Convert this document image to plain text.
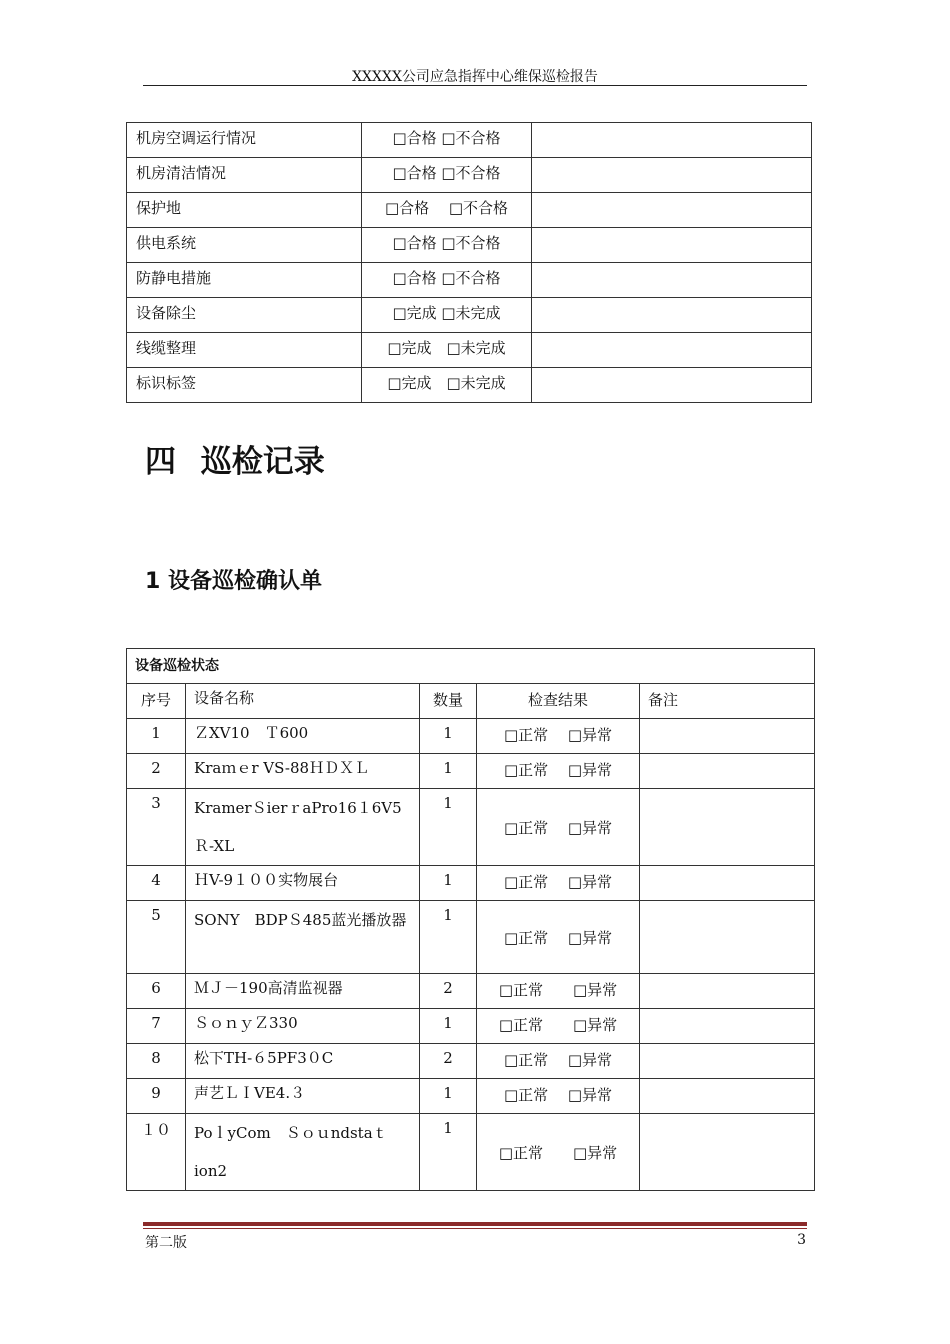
XXXXX公司应急指挥中心维保巡检报告
机房空调运行情况	□合格 □不合格	
机房清洁情况	□合格 □不合格	
保护地	□合格　 □不合格	
供电系统	□合格 □不合格	
防静电措施	□合格 □不合格	
设备除尘	□完成 □未完成	
线缆整理	□完成　□未完成	
标识标签	□完成　□未完成	
四 巡检记录
1 设备巡检确认单
设备巡检状态				
序号	设备名称	数量	检查结果	备注
1	ＺXV10　Ｔ600	1	□正常　 □异常	
2	Kraｍｅr VS-88ＨＤＸＬ	1	□正常　 □异常	
3	KramerＳierｒaPro16１6V5Ｒ-XL	1	□正常　 □异常	
4	ＨV-9１００实物展台	1	□正常　 □异常	
5	SONY　BDPＳ485蓝光播放器	1	□正常　 □异常	
6	ＭＪ－190高清监视器	2	□正常　　□异常	
7	ＳｏｎｙＺ330	1	□正常　　□异常	
8	松下TH-６5PF3０C	2	□正常　 □异常	
9	声艺ＬＩVE4.３	1	□正常　 □异常	
１０	PoｌyCom　Ｓｏｕndstaｔion2	1	□正常　　□异常	
第二版	3
